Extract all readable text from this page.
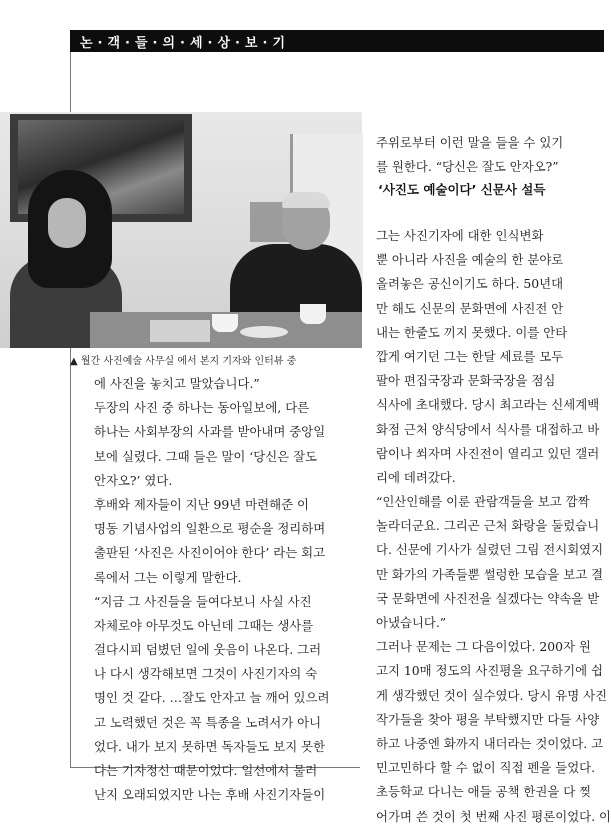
논·객·들·의·세·상·보·기
▲ 월간 사진예술 사무실 에서 본지 기자와 인터뷰 중
주위로부터 이런 말을 들을 수 있기
를 원한다. “당신은 잘도 안자오?”
‘사진도 예술이다’ 신문사 설득
그는 사진기자에 대한 인식변화
뿐 아니라 사진을 예술의 한 분야로
올려놓은 공신이기도 하다. 50년대
만 해도 신문의 문화면에 사진전 안
내는 한줄도 끼지 못했다. 이를 안타
깝게 여기던 그는 한달 세료를 모두
팔아 편집국장과 문화국장을 점심
식사에 초대했다. 당시 최고라는 신세계백
화점 근처 양식당에서 식사를 대접하고 바
람이나 쐬자며 사진전이 열리고 있던 갤러
리에 데려갔다.
“인산인해를 이룬 관람객들을 보고 깜짝
놀라더군요. 그리곤 근처 화랑을 둘렀습니
다. 신문에 기사가 실렸던 그림 전시회였지
만 화가의 가족들뿐 썰렁한 모습을 보고 결
국 문화면에 사진전을 실겠다는 약속을 받
아냈습니다.”
그러나 문제는 그 다음이었다. 200자 원
고지 10매 정도의 사진평을 요구하기에 쉽
게 생각했던 것이 실수였다. 당시 유명 사진
작가들을 찾아 평을 부탁했지만 다들 사양
하고 나중엔 화까지 내더라는 것이었다. 고
민고민하다 할 수 없이 직접 펜을 들었다.
초등학교 다니는 애들 공책 한권을 다 찢
어가며 쓴 것이 첫 번째 사진 평론이었다. 이
에 사진을 놓치고 말았습니다.”
두장의 사진 중 하나는 동아일보에, 다른
하나는 사회부장의 사과를 받아내며 중앙일
보에 실렸다. 그때 들은 말이 ‘당신은 잘도
안자오?’ 였다.
후배와 제자들이 지난 99년 마련해준 이
명동 기념사업의 일환으로 평순을 정리하며
출판된 ‘사진은 사진이어야 한다’ 라는 회고
록에서 그는 이렇게 말한다.
“지금 그 사진들을 들여다보니 사실 사진
자체로야 아무것도 아닌데 그때는 생사를
걸다시피 덤볐던 일에 웃음이 나온다. 그러
나 다시 생각해보면 그것이 사진기자의 숙
명인 것 같다. …잘도 안자고 늘 깨어 있으려
고 노력했던 것은 꼭 특종을 노려서가 아니
었다. 내가 보지 못하면 독자들도 보지 못한
다는 기자정신 때문이었다. 일선에서 물러
난지 오래되었지만 나는 후배 사진기자들이
